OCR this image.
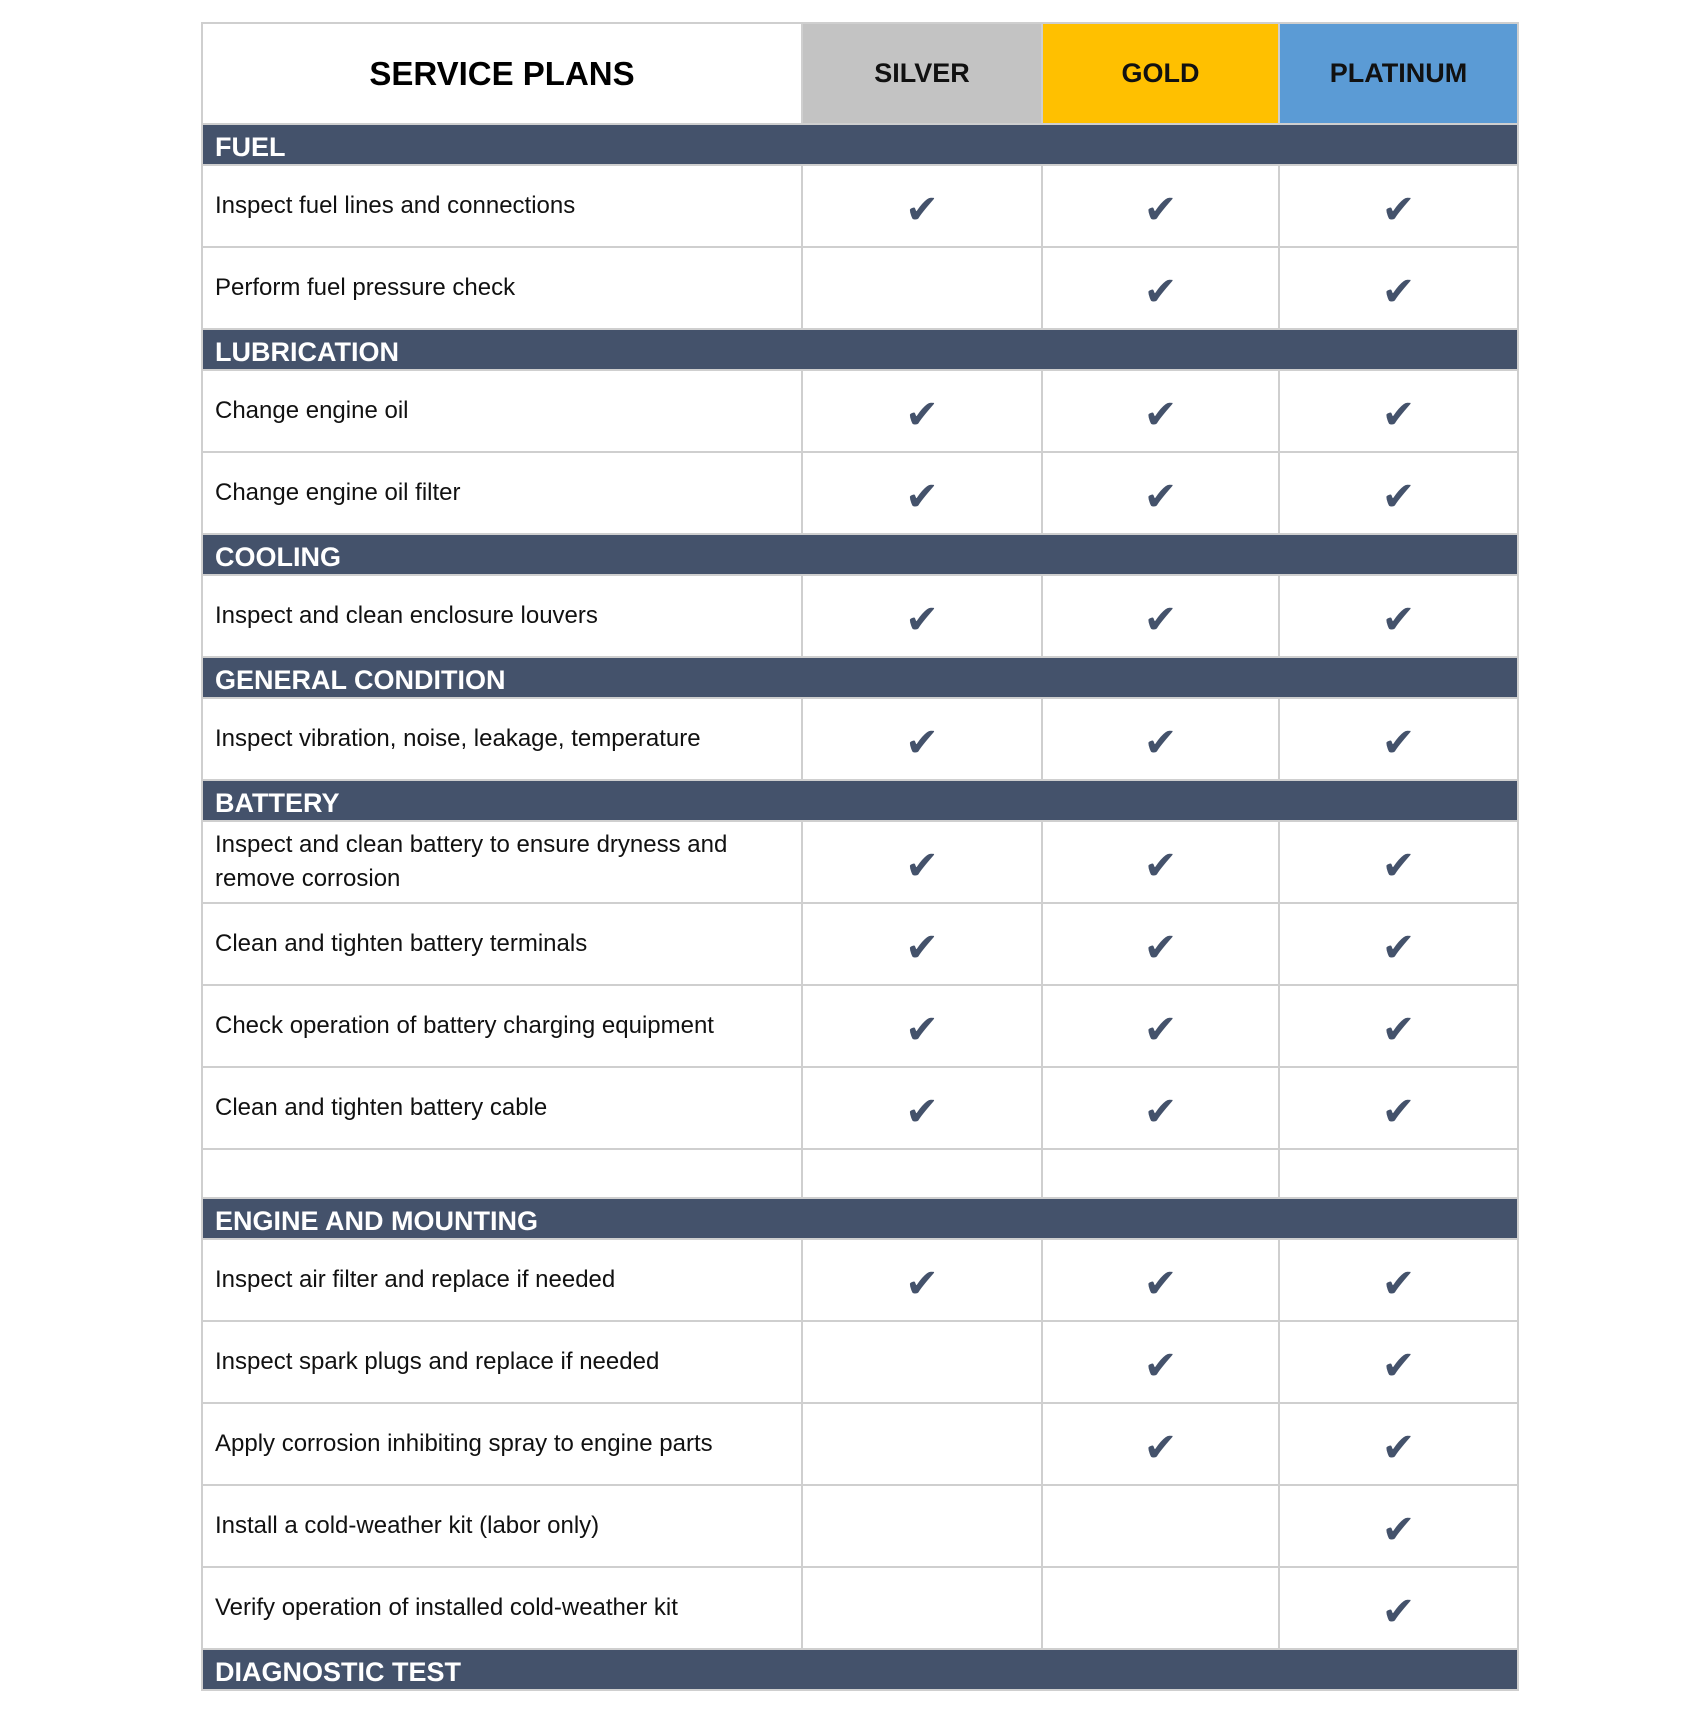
SERVICE PLANS	SILVER	GOLD	PLATINUM
FUEL			
Inspect fuel lines and connections	✔	✔	✔
Perform fuel pressure check		✔	✔
LUBRICATION			
Change engine oil	✔	✔	✔
Change engine oil filter	✔	✔	✔
COOLING			
Inspect and clean enclosure louvers	✔	✔	✔
GENERAL CONDITION			
Inspect vibration, noise, leakage, temperature	✔	✔	✔
BATTERY			
Inspect and clean battery to ensure dryness and remove corrosion	✔	✔	✔
Clean and tighten battery terminals	✔	✔	✔
Check operation of battery charging equipment	✔	✔	✔
Clean and tighten battery cable	✔	✔	✔

ENGINE AND MOUNTING			
Inspect air filter and replace if needed	✔	✔	✔
Inspect spark plugs and replace if needed		✔	✔
Apply corrosion inhibiting spray to engine parts		✔	✔
Install a cold-weather kit (labor only)			✔
Verify operation of installed cold-weather kit			✔
DIAGNOSTIC TEST			
